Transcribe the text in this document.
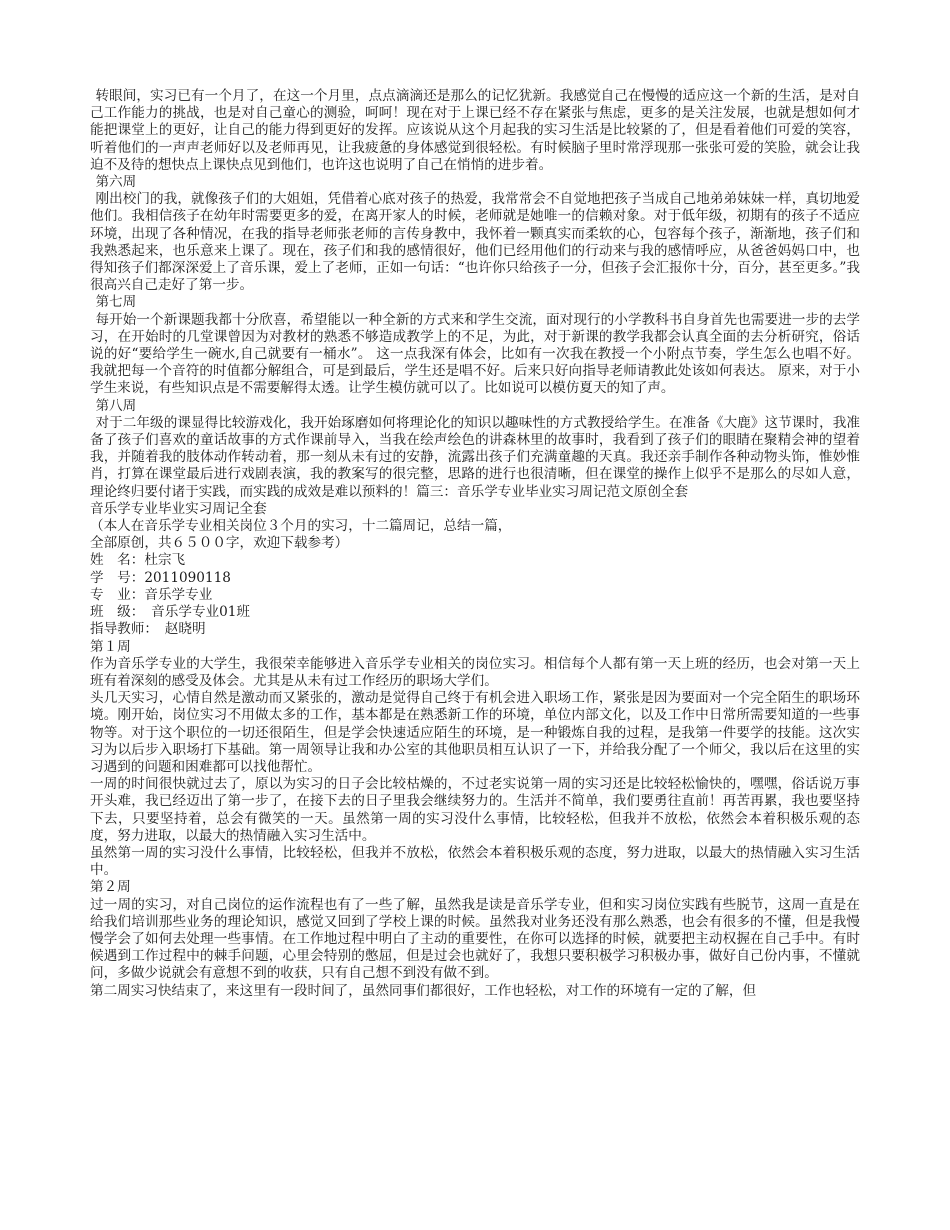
转眼间，实习已有一个月了，在这一个月里，点点滴滴还是那么的记忆犹新。我感觉自己在慢慢的适应这一个新的生活，是对自己工作能力的挑战，也是对自己童心的测验，呵呵！现在对于上课已经不存在紧张与焦虑，更多的是关注发展，也就是想如何才能把课堂上的更好，让自己的能力得到更好的发挥。应该说从这个月起我的实习生活是比较紧的了，但是看着他们可爱的笑容，听着他们的一声声老师好以及老师再见，让我疲惫的身体感觉到很轻松。有时候脑子里时常浮现那一张张可爱的笑脸，就会让我迫不及待的想快点上课快点见到他们，也许这也说明了自己在悄悄的进步着。

第六周

刚出校门的我，就像孩子们的大姐姐，凭借着心底对孩子的热爱，我常常会不自觉地把孩子当成自己地弟弟妹妹一样，真切地爱他们。我相信孩子在幼年时需要更多的爱，在离开家人的时候，老师就是她唯一的信赖对象。对于低年级，初期有的孩子不适应环境，出现了各种情况，在我的指导老师张老师的言传身教中，我怀着一颗真实而柔软的心，包容每个孩子，渐渐地，孩子们和我熟悉起来，也乐意来上课了。现在，孩子们和我的感情很好，他们已经用他们的行动来与我的感情呼应，从爸爸妈妈口中，也得知孩子们都深深爱上了音乐课，爱上了老师，正如一句话：“也许你只给孩子一分，但孩子会汇报你十分，百分，甚至更多。”我很高兴自己走好了第一步。

第七周

每开始一个新课题我都十分欣喜，希望能以一种全新的方式来和学生交流，面对现行的小学教科书自身首先也需要进一步的去学习，在开始时的几堂课曾因为对教材的熟悉不够造成教学上的不足，为此，对于新课的教学我都会认真全面的去分析研究，俗话说的好“要给学生一碗水,自己就要有一桶水”。 这一点我深有体会，比如有一次我在教授一个小附点节奏，学生怎么也唱不好。我就把每一个音符的时值都分解组合，可是到最后，学生还是唱不好。后来只好向指导老师请教此处该如何表达。 原来，对于小学生来说，有些知识点是不需要解得太透。让学生模仿就可以了。比如说可以模仿夏天的知了声。

第八周

对于二年级的课显得比较游戏化，我开始琢磨如何将理论化的知识以趣味性的方式教授给学生。在准备《大鹿》这节课时，我准备了孩子们喜欢的童话故事的方式作课前导入，当我在绘声绘色的讲森林里的故事时，我看到了孩子们的眼睛在聚精会神的望着我，并随着我的肢体动作转动着，那一刻从未有过的安静，流露出孩子们充满童趣的天真。我还亲手制作各种动物头饰，惟妙惟肖，打算在课堂最后进行戏剧表演，我的教案写的很完整，思路的进行也很清晰，但在课堂的操作上似乎不是那么的尽如人意，理论终归要付诸于实践，而实践的成效是难以预料的！篇三：音乐学专业毕业实习周记范文原创全套

音乐学专业毕业实习周记全套

（本人在音乐学专业相关岗位３个月的实习，十二篇周记，总结一篇，

全部原创，共６５００字，欢迎下载参考）

姓　名：杜宗飞

学　号：2011090118

专　业：音乐学专业

班　级：　音乐学专业01班

指导教师：　赵晓明

第１周

作为音乐学专业的大学生，我很荣幸能够进入音乐学专业相关的岗位实习。相信每个人都有第一天上班的经历，也会对第一天上班有着深刻的感受及体会。尤其是从未有过工作经历的职场大学们。

头几天实习，心情自然是激动而又紧张的，激动是觉得自己终于有机会进入职场工作，紧张是因为要面对一个完全陌生的职场环境。刚开始，岗位实习不用做太多的工作，基本都是在熟悉新工作的环境，单位内部文化，以及工作中日常所需要知道的一些事物等。对于这个职位的一切还很陌生，但是学会快速适应陌生的环境，是一种锻炼自我的过程，是我第一件要学的技能。这次实习为以后步入职场打下基础。第一周领导让我和办公室的其他职员相互认识了一下，并给我分配了一个师父，我以后在这里的实习遇到的问题和困难都可以找他帮忙。

一周的时间很快就过去了，原以为实习的日子会比较枯燥的，不过老实说第一周的实习还是比较轻松愉快的，嘿嘿，俗话说万事开头难，我已经迈出了第一步了，在接下去的日子里我会继续努力的。生活并不简单，我们要勇往直前！再苦再累，我也要坚持下去，只要坚持着，总会有微笑的一天。虽然第一周的实习没什么事情，比较轻松，但我并不放松，依然会本着积极乐观的态度，努力进取，以最大的热情融入实习生活中。

虽然第一周的实习没什么事情，比较轻松，但我并不放松，依然会本着积极乐观的态度，努力进取，以最大的热情融入实习生活中。

第２周

过一周的实习，对自己岗位的运作流程也有了一些了解，虽然我是读是音乐学专业，但和实习岗位实践有些脱节，这周一直是在给我们培训那些业务的理论知识，感觉又回到了学校上课的时候。虽然我对业务还没有那么熟悉，也会有很多的不懂，但是我慢慢学会了如何去处理一些事情。在工作地过程中明白了主动的重要性，在你可以选择的时候，就要把主动权握在自己手中。有时候遇到工作过程中的棘手问题，心里会特别的憋屈，但是过会也就好了，我想只要积极学习积极办事，做好自己份内事，不懂就问，多做少说就会有意想不到的收获，只有自己想不到没有做不到。

第二周实习快结束了，来这里有一段时间了，虽然同事们都很好，工作也轻松，对工作的环境有一定的了解，但
